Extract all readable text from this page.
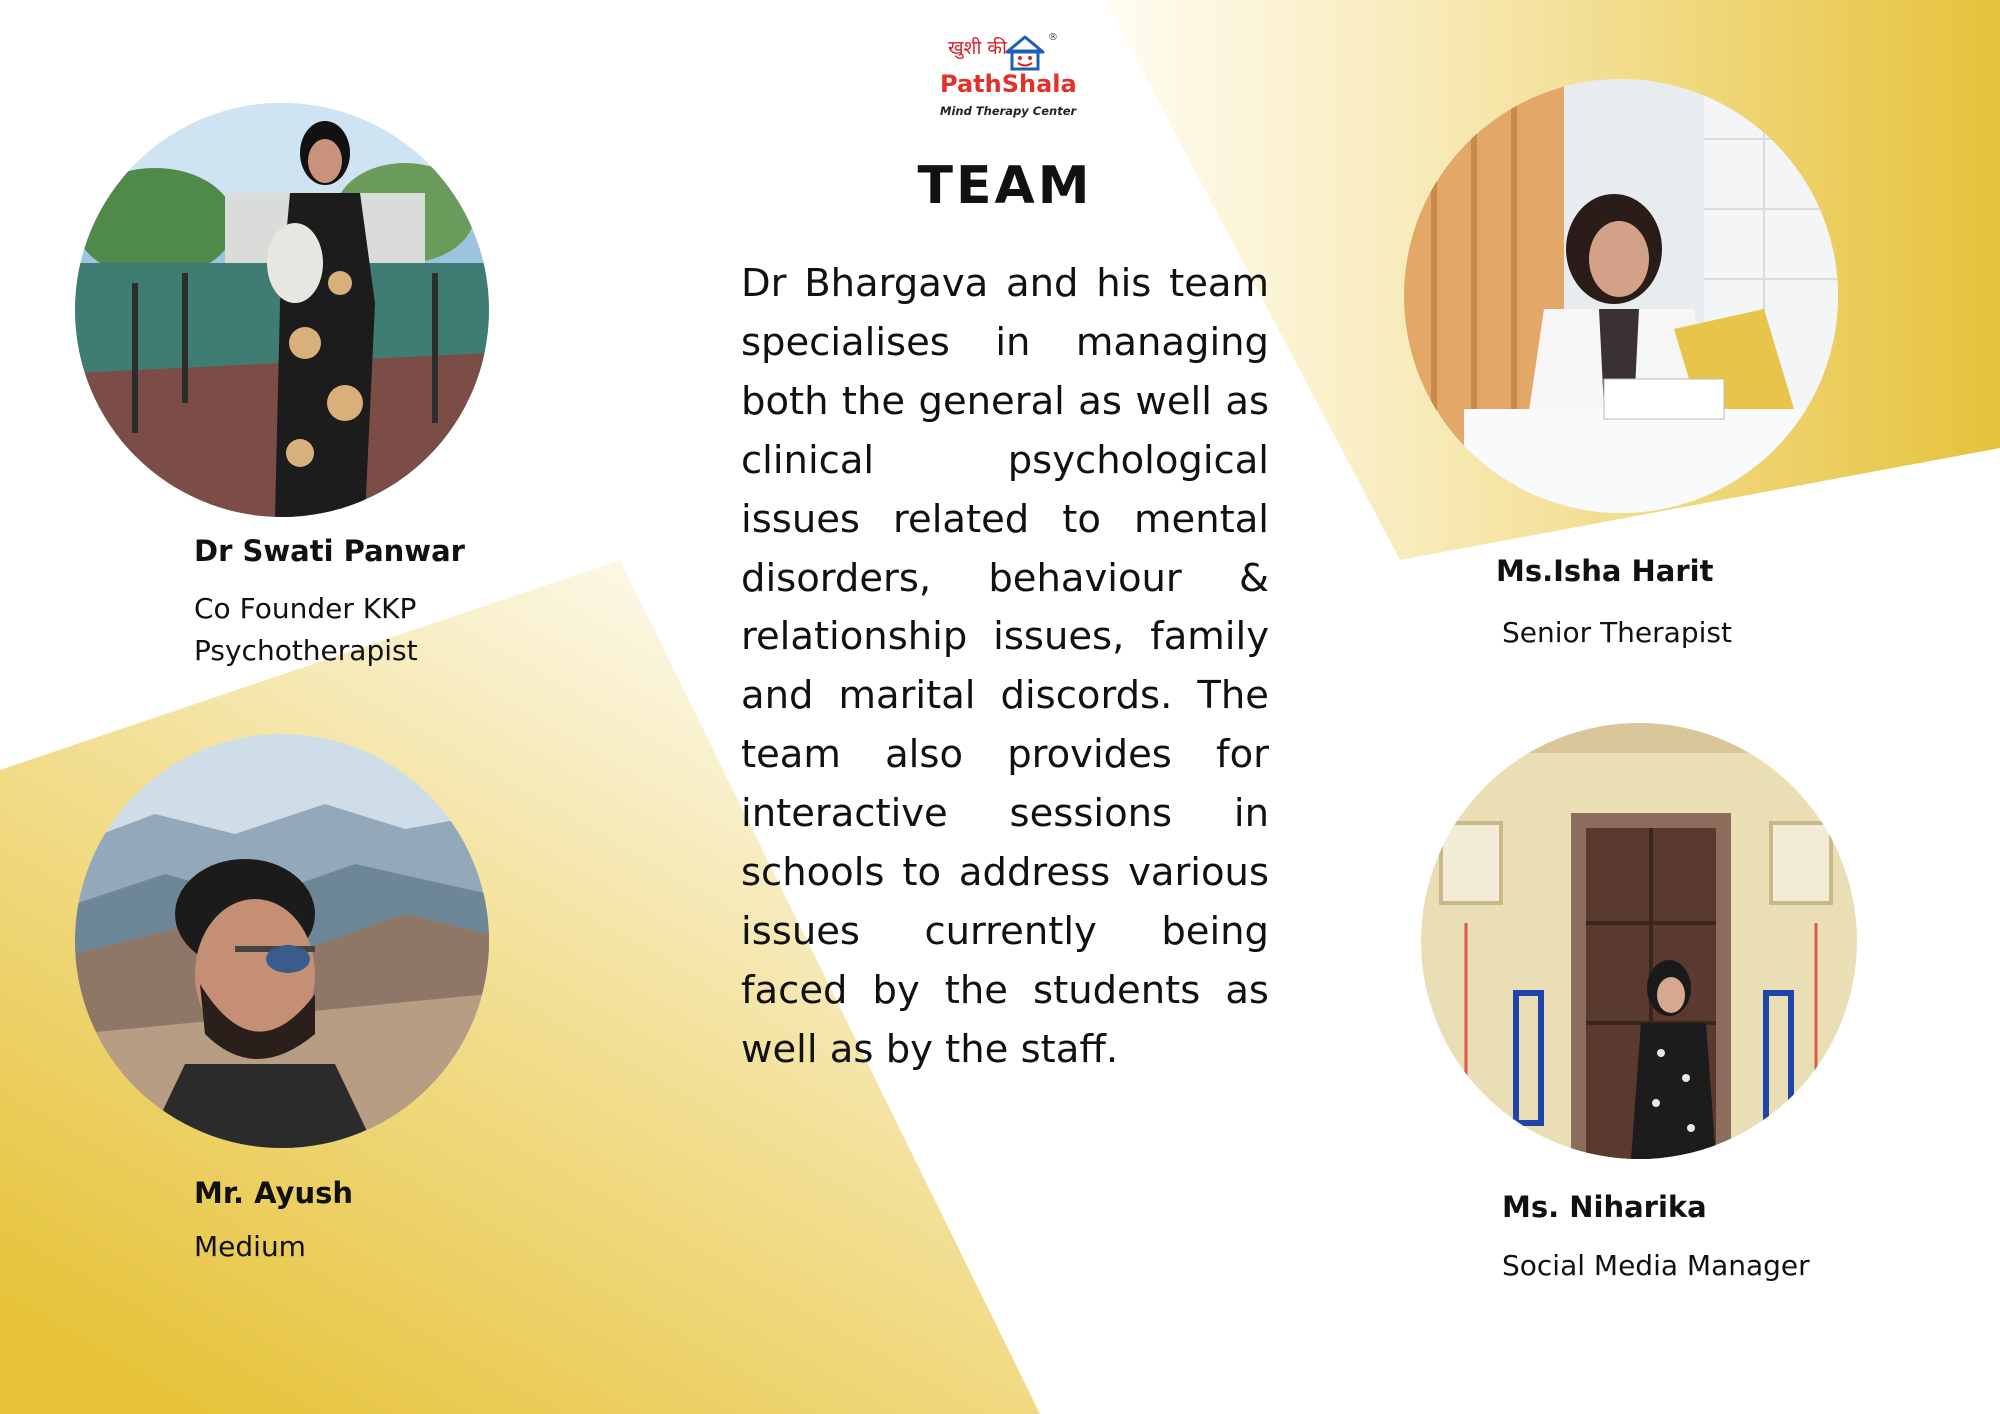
खुशी की	®
PathShala
Mind Therapy Center
TEAM
Dr Bhargava and his team specialises in managing both the general as well as clinical psychological issues related to mental disorders, behaviour & relationship issues, family and marital discords. The team also provides for interactive sessions in schools to address various issues currently being faced by the students as well as by the staff.
Dr Swati Panwar
Co Founder KKP
Psychotherapist
Mr. Ayush
Medium
Ms.Isha Harit
Senior Therapist
Ms. Niharika
Social Media Manager
